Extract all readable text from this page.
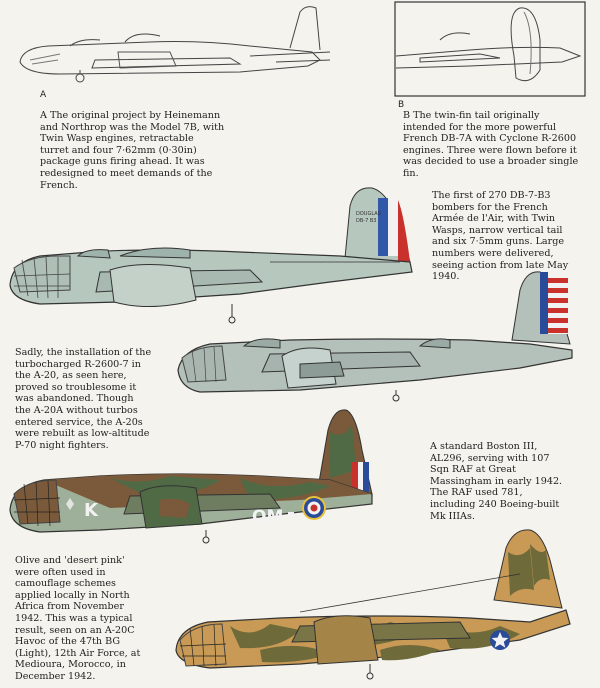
DOUGLAS
DB-7 B3
K	OM
A
B
A The original project by Heinemann
and Northrop was the Model 7B, with
Twin Wasp engines, retractable
turret and four 7·62mm (0·30in)
package guns firing ahead. It was
redesigned to meet demands of the
French.
B The twin-fin tail originally
intended for the more powerful
French DB-7A with Cyclone R-2600
engines. Three were flown before it
was decided to use a broader single
fin.
The first of 270 DB-7-B3
bombers for the French
Armée de l'Air, with Twin
Wasps, narrow vertical tail
and six 7·5mm guns. Large
numbers were delivered,
seeing action from late May
1940.
Sadly, the installation of the
turbocharged R-2600-7 in
the A-20, as seen here,
proved so troublesome it
was abandoned. Though
the A-20A without turbos
entered service, the A-20s
were rebuilt as low-altitude
P-70 night fighters.	A standard Boston III,
AL296, serving with 107
Sqn RAF at Great
Massingham in early 1942.
The RAF used 781,
including 240 Boeing-built
Mk IIIAs.
Olive and 'desert pink'
were often used in
camouflage schemes
applied locally in North
Africa from November
1942. This was a typical
result, seen on an A-20C
Havoc of the 47th BG
(Light), 12th Air Force, at
Medioura, Morocco, in
December 1942.
